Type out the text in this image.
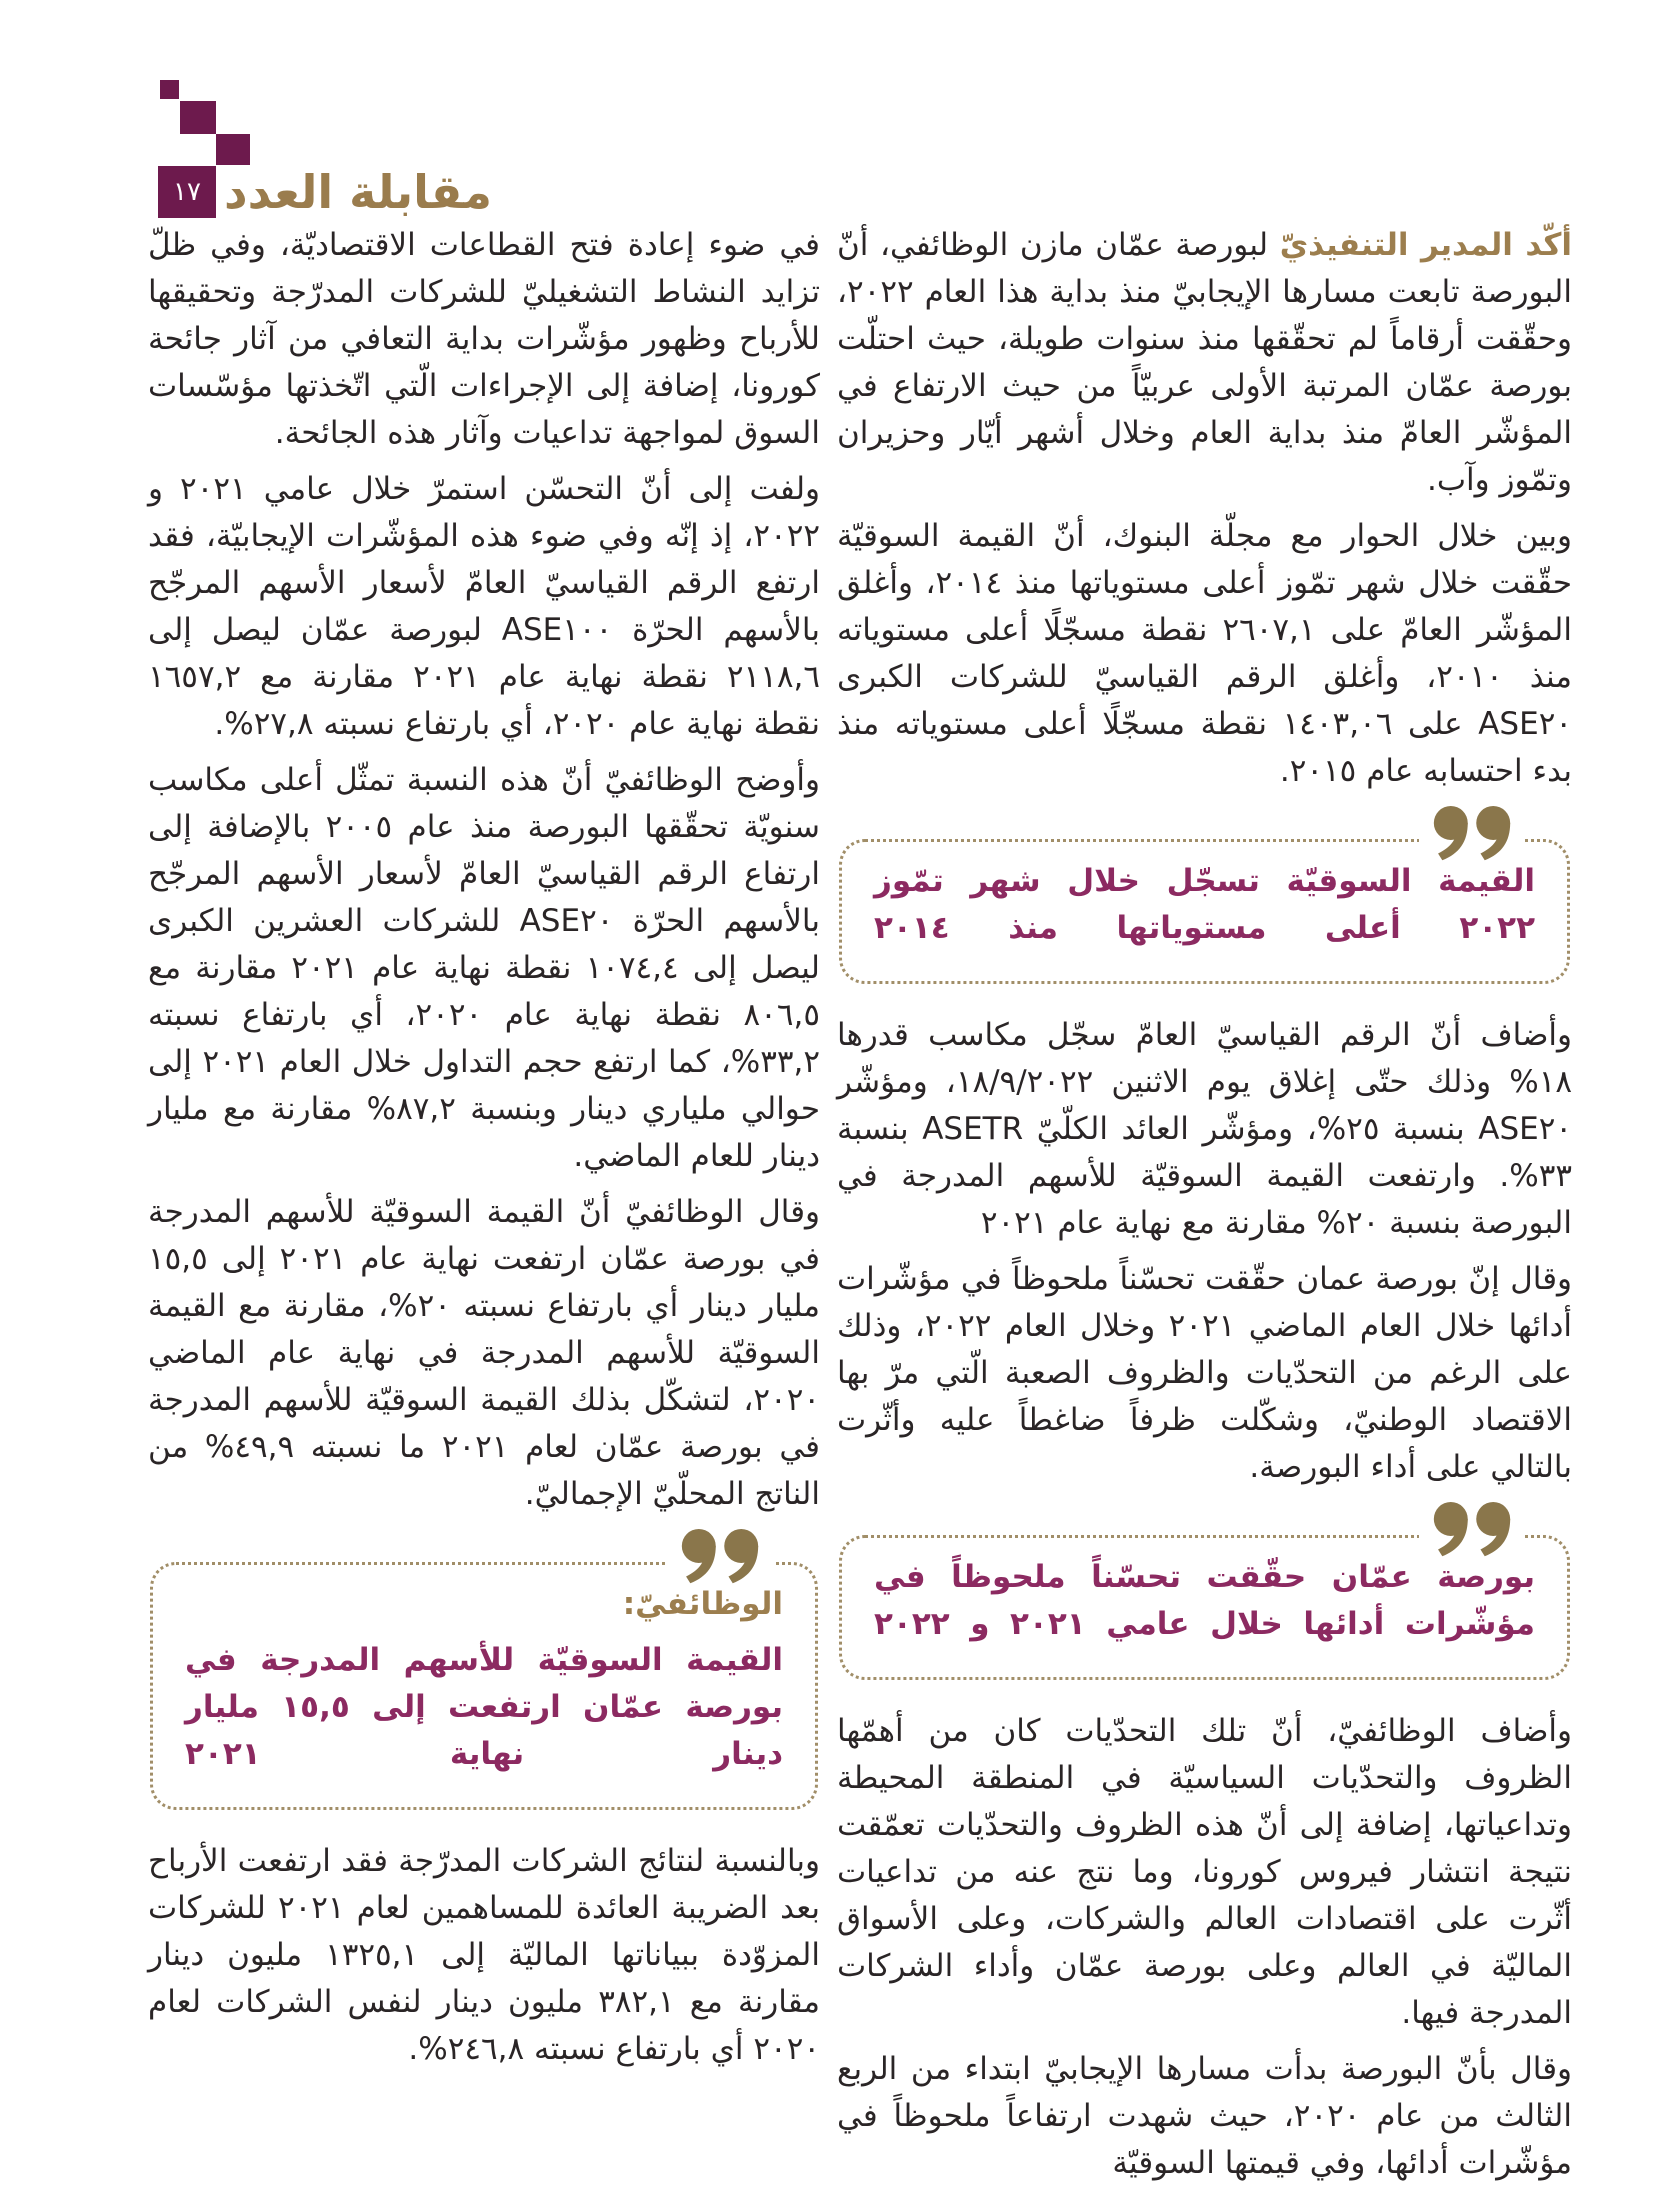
١٧ مقابلة العدد

أكّد المدير التنفيذيّ لبورصة عمّان مازن الوظائفي، أنّ البورصة تابعت مسارها الإيجابيّ منذ بداية هذا العام ٢٠٢٢، وحقّقت أرقاماً لم تحقّقها منذ سنوات طويلة، حيث احتلّت بورصة عمّان المرتبة الأولى عربيّاً من حيث الارتفاع في المؤشّر العامّ منذ بداية العام وخلال أشهر أيّار وحزيران وتمّوز وآب.

وبين خلال الحوار مع مجلّة البنوك، أنّ القيمة السوقيّة حقّقت خلال شهر تمّوز أعلى مستوياتها منذ ٢٠١٤، وأغلق المؤشّر العامّ على ٢٦٠٧,١ نقطة مسجّلًا أعلى مستوياته منذ ٢٠١٠، وأغلق الرقم القياسيّ للشركات الكبرى ASE٢٠ على ١٤٠٣,٠٦ نقطة مسجّلًا أعلى مستوياته منذ بدء احتسابه عام ٢٠١٥.

القيمة السوقيّة تسجّل خلال شهر تمّوز ٢٠٢٢ أعلى مستوياتها منذ ٢٠١٤

وأضاف أنّ الرقم القياسيّ العامّ سجّل مكاسب قدرها ١٨% وذلك حتّى إغلاق يوم الاثنين ١٨/٩/٢٠٢٢، ومؤشّر ASE٢٠ بنسبة ٢٥%، ومؤشّر العائد الكلّيّ ASETR بنسبة ٣٣%. وارتفعت القيمة السوقيّة للأسهم المدرجة في البورصة بنسبة ٢٠% مقارنة مع نهاية عام ٢٠٢١

وقال إنّ بورصة عمان حقّقت تحسّناً ملحوظاً في مؤشّرات أدائها خلال العام الماضي ٢٠٢١ وخلال العام ٢٠٢٢، وذلك على الرغم من التحدّيات والظروف الصعبة الّتي مرّ بها الاقتصاد الوطنيّ، وشكّلت ظرفاً ضاغطاً عليه وأثّرت بالتالي على أداء البورصة.

بورصة عمّان حقّقت تحسّناً ملحوظاً في مؤشّرات أدائها خلال عامي ٢٠٢١ و ٢٠٢٢

وأضاف الوظائفيّ، أنّ تلك التحدّيات كان من أهمّها الظروف والتحدّيات السياسيّة في المنطقة المحيطة وتداعياتها، إضافة إلى أنّ هذه الظروف والتحدّيات تعمّقت نتيجة انتشار فيروس كورونا، وما نتج عنه من تداعيات أثّرت على اقتصادات العالم والشركات، وعلى الأسواق الماليّة في العالم وعلى بورصة عمّان وأداء الشركات المدرجة فيها.

وقال بأنّ البورصة بدأت مسارها الإيجابيّ ابتداء من الربع الثالث من عام ٢٠٢٠، حيث شهدت ارتفاعاً ملحوظاً في مؤشّرات أدائها، وفي قيمتها السوقيّة

في ضوء إعادة فتح القطاعات الاقتصاديّة، وفي ظلّ تزايد النشاط التشغيليّ للشركات المدرّجة وتحقيقها للأرباح وظهور مؤشّرات بداية التعافي من آثار جائحة كورونا، إضافة إلى الإجراءات الّتي اتّخذتها مؤسّسات السوق لمواجهة تداعيات وآثار هذه الجائحة.

ولفت إلى أنّ التحسّن استمرّ خلال عامي ٢٠٢١ و ٢٠٢٢، إذ إنّه وفي ضوء هذه المؤشّرات الإيجابيّة، فقد ارتفع الرقم القياسيّ العامّ لأسعار الأسهم المرجّح بالأسهم الحرّة ASE١٠٠ لبورصة عمّان ليصل إلى ٢١١٨,٦ نقطة نهاية عام ٢٠٢١ مقارنة مع ١٦٥٧,٢ نقطة نهاية عام ٢٠٢٠، أي بارتفاع نسبته ٢٧,٨%.

وأوضح الوظائفيّ أنّ هذه النسبة تمثّل أعلى مكاسب سنويّة تحقّقها البورصة منذ عام ٢٠٠٥ بالإضافة إلى ارتفاع الرقم القياسيّ العامّ لأسعار الأسهم المرجّح بالأسهم الحرّة ASE٢٠ للشركات العشرين الكبرى ليصل إلى ١٠٧٤,٤ نقطة نهاية عام ٢٠٢١ مقارنة مع ٨٠٦,٥ نقطة نهاية عام ٢٠٢٠، أي بارتفاع نسبته ٣٣,٢%، كما ارتفع حجم التداول خلال العام ٢٠٢١ إلى حوالي ملياري دينار وبنسبة ٨٧,٢% مقارنة مع مليار دينار للعام الماضي.

وقال الوظائفيّ أنّ القيمة السوقيّة للأسهم المدرجة في بورصة عمّان ارتفعت نهاية عام ٢٠٢١ إلى ١٥,٥ مليار دينار أي بارتفاع نسبته ٢٠%، مقارنة مع القيمة السوقيّة للأسهم المدرجة في نهاية عام الماضي ٢٠٢٠، لتشكّل بذلك القيمة السوقيّة للأسهم المدرجة في بورصة عمّان لعام ٢٠٢١ ما نسبته ٤٩,٩% من الناتج المحلّيّ الإجماليّ.

الوظائفيّ:

القيمة السوقيّة للأسهم المدرجة في بورصة عمّان ارتفعت إلى ١٥,٥ مليار دينار نهاية ٢٠٢١

وبالنسبة لنتائج الشركات المدرّجة فقد ارتفعت الأرباح بعد الضريبة العائدة للمساهمين لعام ٢٠٢١ للشركات المزوّدة ببياناتها الماليّة إلى ١٣٢٥,١ مليون دينار مقارنة مع ٣٨٢,١ مليون دينار لنفس الشركات لعام ٢٠٢٠ أي بارتفاع نسبته ٢٤٦,٨%.
